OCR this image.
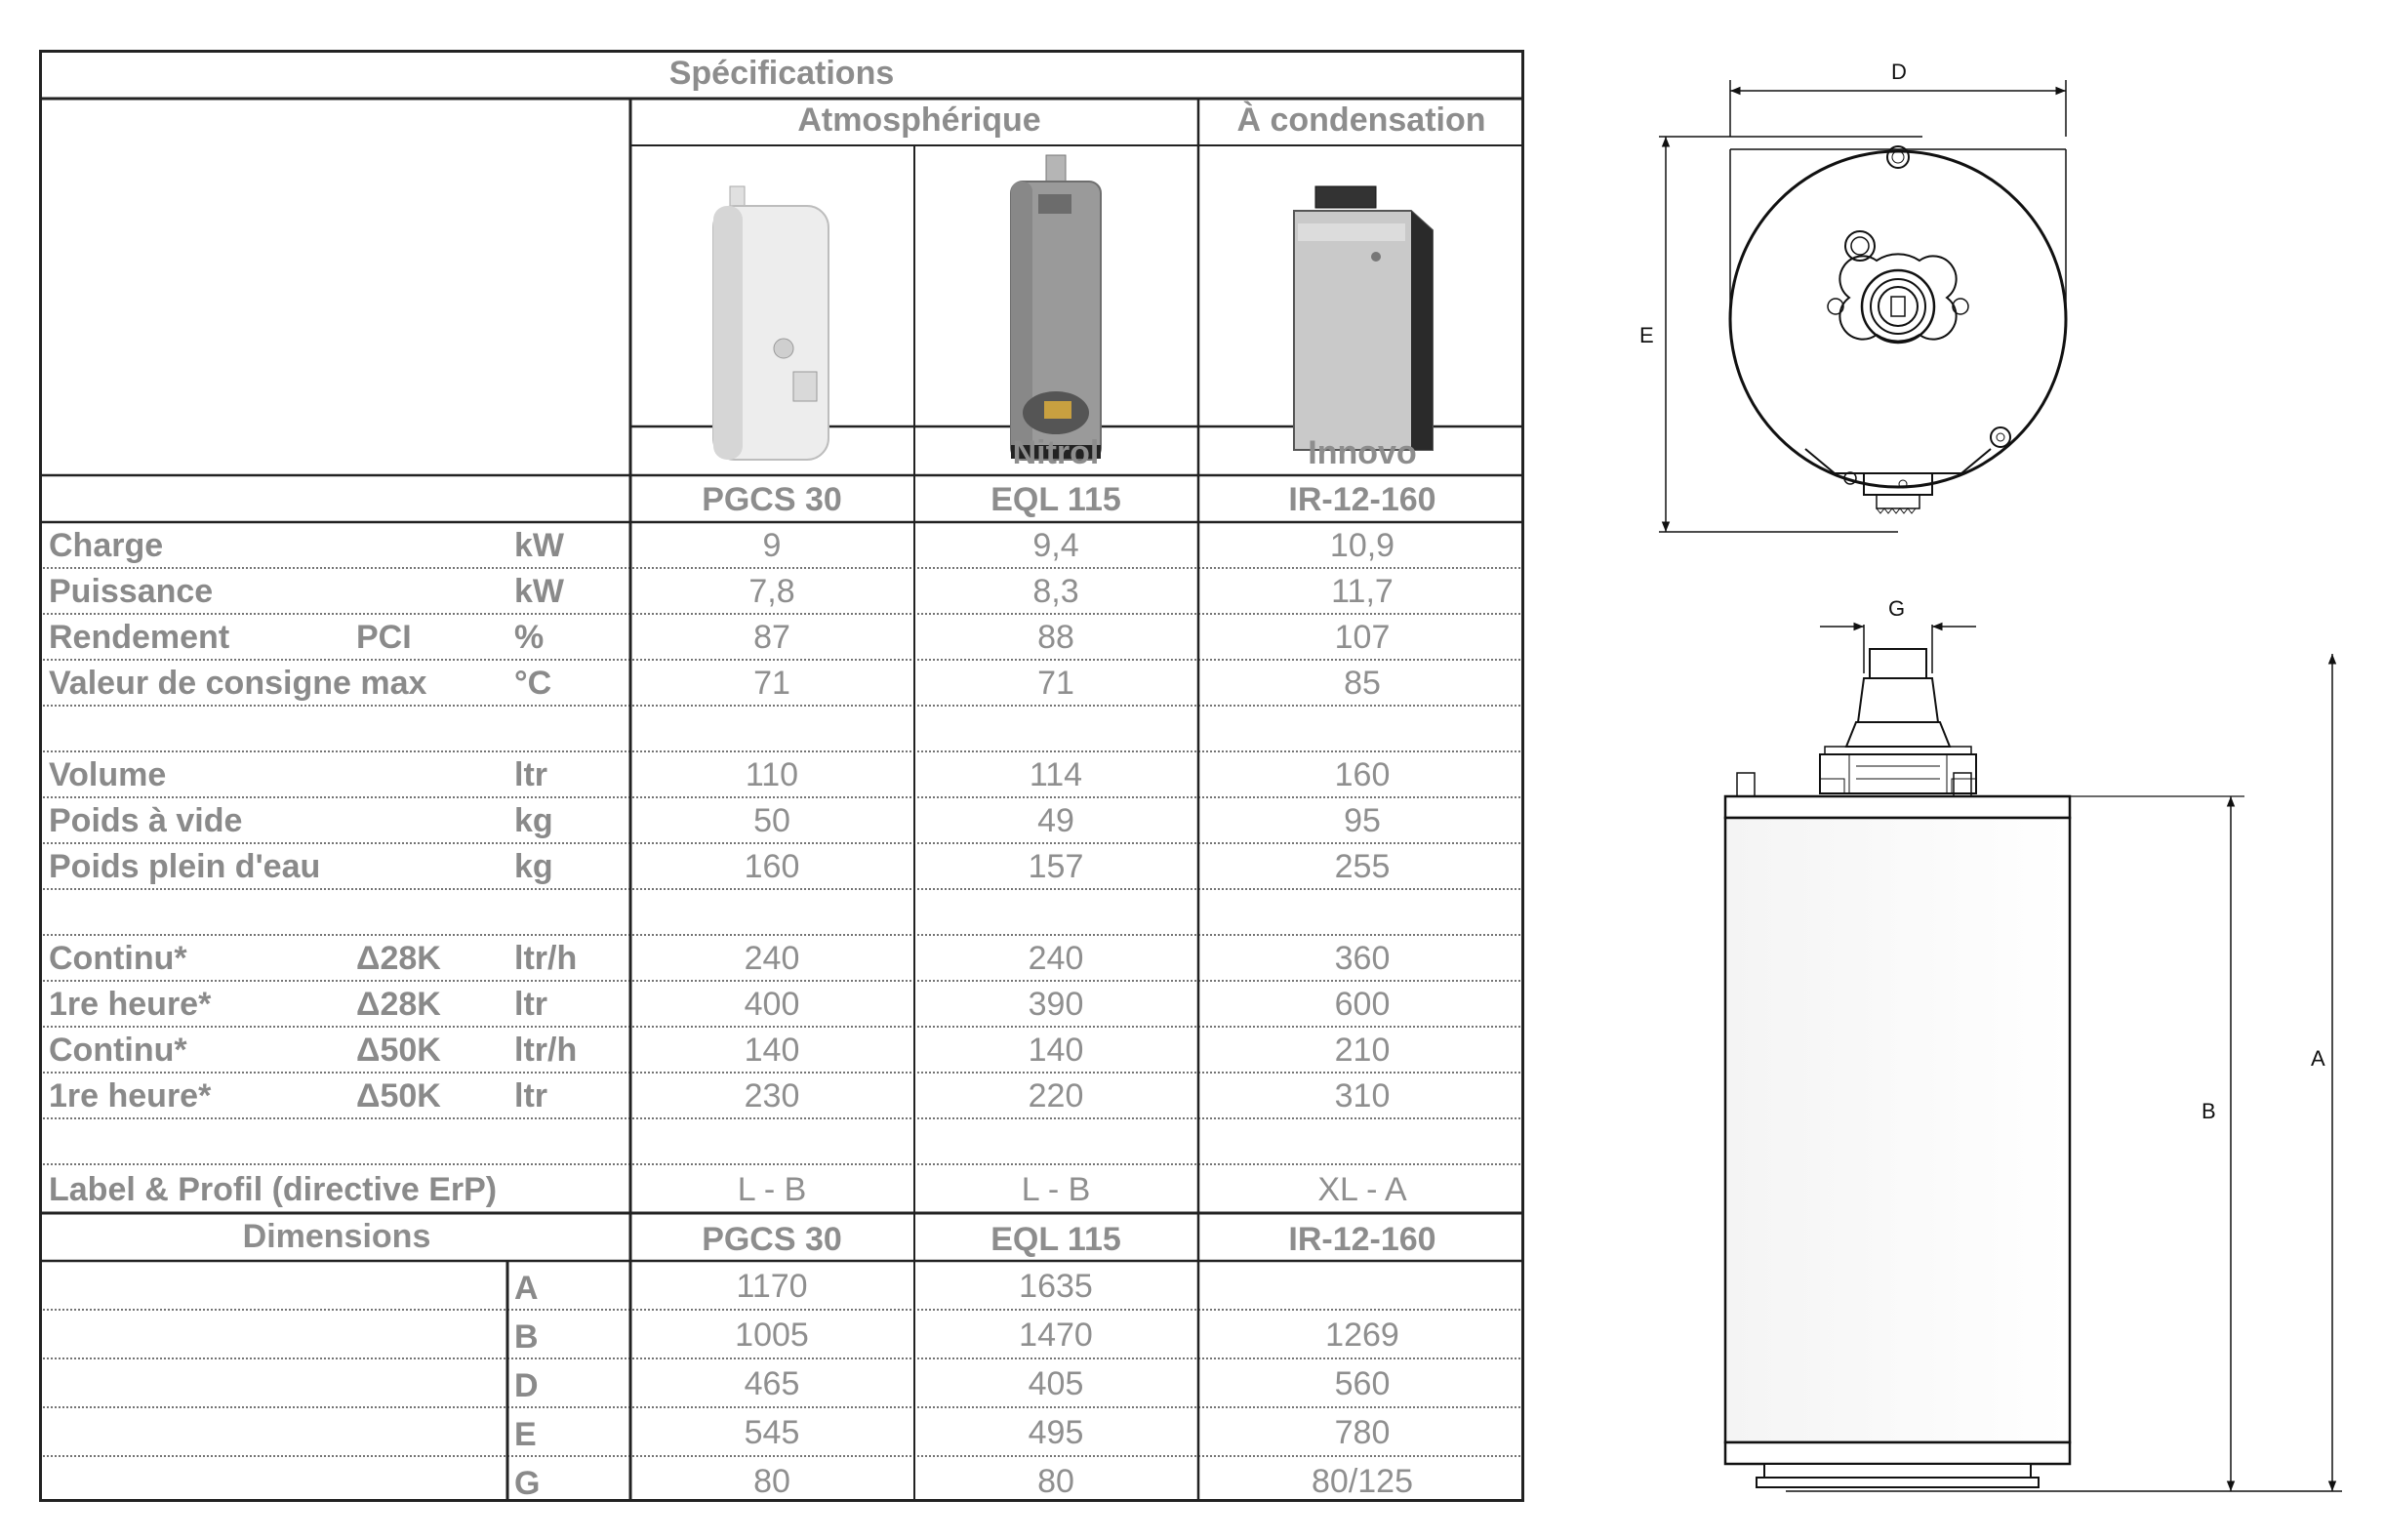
Spécifications
Atmosphérique	À condensation
Nitrol	Innovo
PGCS 30	EQL 115	IR-12-160
Charge	kW	9	9,4	10,9
Puissance	kW	7,8	8,3	11,7
Rendement	PCI	%	87	88	107
Valeur de consigne max	°C	71	71	85
Volume	ltr	110	114	160
Poids à vide	kg	50	49	95
Poids plein d'eau	kg	160	157	255
Continu*	Δ28K ltr/h	240	240	360
1re heure*	Δ28K ltr	400	390	600
Continu*	Δ50K ltr/h	140	140	210
1re heure*	Δ50K ltr	230	220	310
Label & Profil (directive ErP)	L - B	L - B	XL - A
Dimensions	PGCS 30	EQL 115	IR-12-160
A	1170	1635
B	1005	1470	1269
D	465	405	560
E	545	495	780
G	80	80	80/125
D
E
G
B
A
